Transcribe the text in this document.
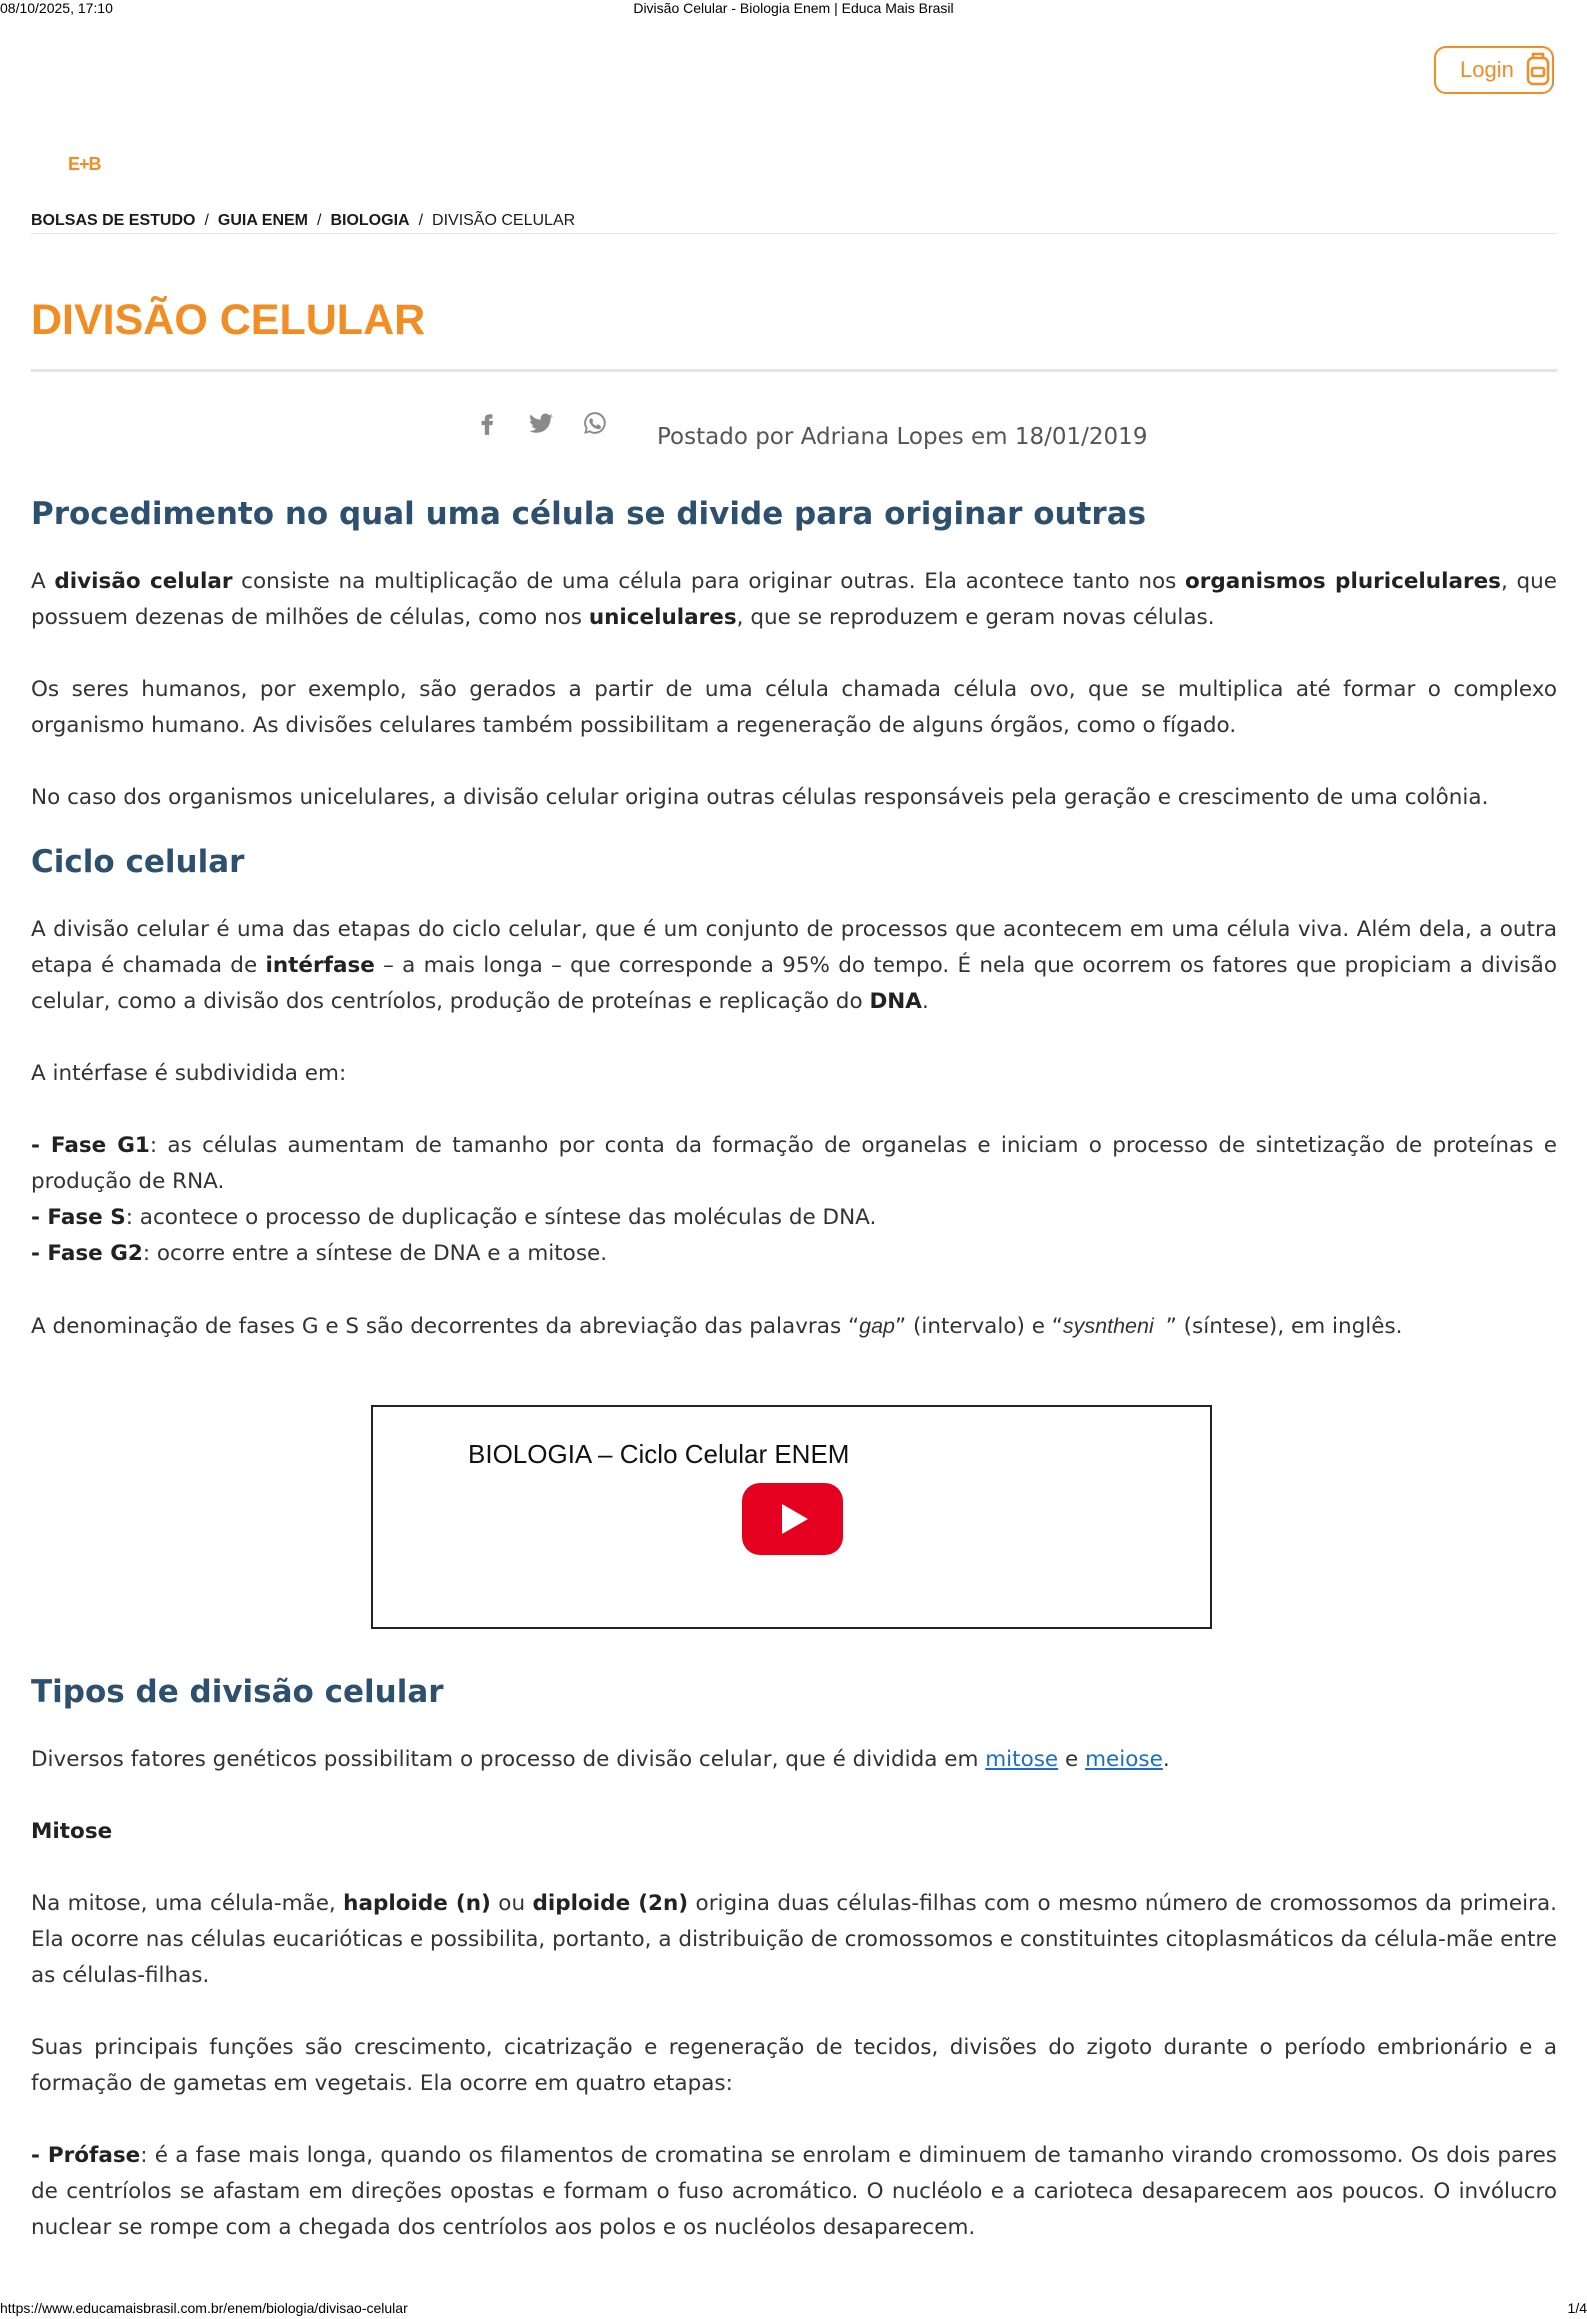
08/10/2025, 17:10	Divisão Celular - Biologia Enem | Educa Mais Brasil
Login
E+B
BOLSAS DE ESTUDO / GUIA ENEM / BIOLOGIA / DIVISÃO CELULAR
DIVISÃO CELULAR
Postado por Adriana Lopes em 18/01/2019
Procedimento no qual uma célula se divide para originar outras

A divisão celular consiste na multiplicação de uma célula para originar outras. Ela acontece tanto nos organismos pluricelulares, que possuem dezenas de milhões de células, como nos unicelulares, que se reproduzem e geram novas células.

Os seres humanos, por exemplo, são gerados a partir de uma célula chamada célula ovo, que se multiplica até formar o complexo organismo humano. As divisões celulares também possibilitam a regeneração de alguns órgãos, como o fígado.

No caso dos organismos unicelulares, a divisão celular origina outras células responsáveis pela geração e crescimento de uma colônia.

Ciclo celular

A divisão celular é uma das etapas do ciclo celular, que é um conjunto de processos que acontecem em uma célula viva. Além dela, a outra etapa é chamada de intérfase – a mais longa – que corresponde a 95% do tempo. É nela que ocorrem os fatores que propiciam a divisão celular, como a divisão dos centríolos, produção de proteínas e replicação do DNA.

A intérfase é subdividida em:

- Fase G1: as células aumentam de tamanho por conta da formação de organelas e iniciam o processo de sintetização de proteínas e produção de RNA.

- Fase S: acontece o processo de duplicação e síntese das moléculas de DNA.

- Fase G2: ocorre entre a síntese de DNA e a mitose.

A denominação de fases G e S são decorrentes da abreviação das palavras “gap” (intervalo) e “sysntheni  ” (síntese), em inglês.

BIOLOGIA – Ciclo Celular ENEM
Tipos de divisão celular

Diversos fatores genéticos possibilitam o processo de divisão celular, que é dividida em mitose e meiose.

Mitose

Na mitose, uma célula-mãe, haploide (n) ou diploide (2n) origina duas células-filhas com o mesmo número de cromossomos da primeira. Ela ocorre nas células eucarióticas e possibilita, portanto, a distribuição de cromossomos e constituintes citoplasmáticos da célula-mãe entre as células-filhas.

Suas principais funções são crescimento, cicatrização e regeneração de tecidos, divisões do zigoto durante o período embrionário e a formação de gametas em vegetais. Ela ocorre em quatro etapas:

- Prófase: é a fase mais longa, quando os filamentos de cromatina se enrolam e diminuem de tamanho virando cromossomo. Os dois pares de centríolos se afastam em direções opostas e formam o fuso acromático. O nucléolo e a carioteca desaparecem aos poucos. O invólucro nuclear se rompe com a chegada dos centríolos aos polos e os nucléolos desaparecem.

https://www.educamaisbrasil.com.br/enem/biologia/divisao-celular	1/4
